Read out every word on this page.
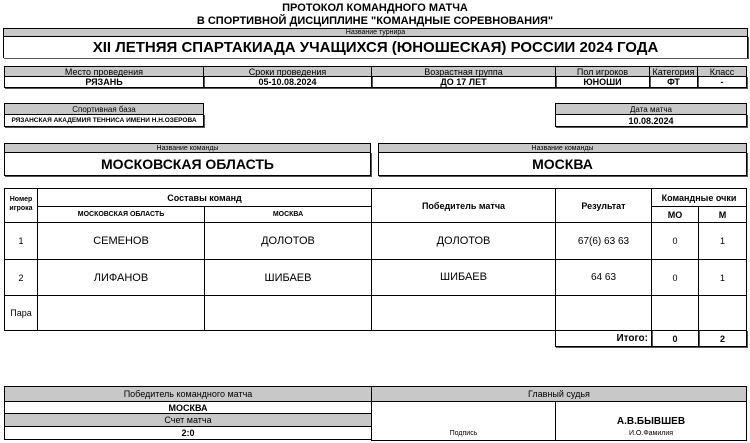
ПРОТОКОЛ КОМАНДНОГО МАТЧА
В СПОРТИВНОЙ ДИСЦИПЛИНЕ "КОМАНДНЫЕ СОРЕВНОВАНИЯ"
Название турнира
XII ЛЕТНЯЯ СПАРТАКИАДА УЧАЩИХСЯ (ЮНОШЕСКАЯ) РОССИИ 2024 ГОДА
Место проведения	Сроки проведения	Возрастная группа	Пол игроков	Категория	Класс
РЯЗАНЬ	05-10.08.2024	ДО 17 ЛЕТ	ЮНОШИ	ФТ	-
Спортивная база
РЯЗАНСКАЯ АКАДЕМИЯ ТЕННИСА ИМЕНИ Н.Н.ОЗЕРОВА
Дата матча
10.08.2024
Название команды
МОСКОВСКАЯ ОБЛАСТЬ
Название команды
МОСКВА
Номер игрока
Составы команд
МОСКОВСКАЯ ОБЛАСТЬ	МОСКВА
Победитель матча	Результат
Командные очки
МО	М
1	СЕМЕНОВ	ДОЛОТОВ	ДОЛОТОВ	67(6) 63 63	0	1
2	ЛИФАНОВ	ШИБАЕВ	ШИБАЕВ	64 63	0	1
Пара
Итого:	0	2
Победитель командного матча	Главный судья
МОСКВА
Счет матча
2:0	Подпись
А.В.БЫВШЕВ
И.О.Фамилия
